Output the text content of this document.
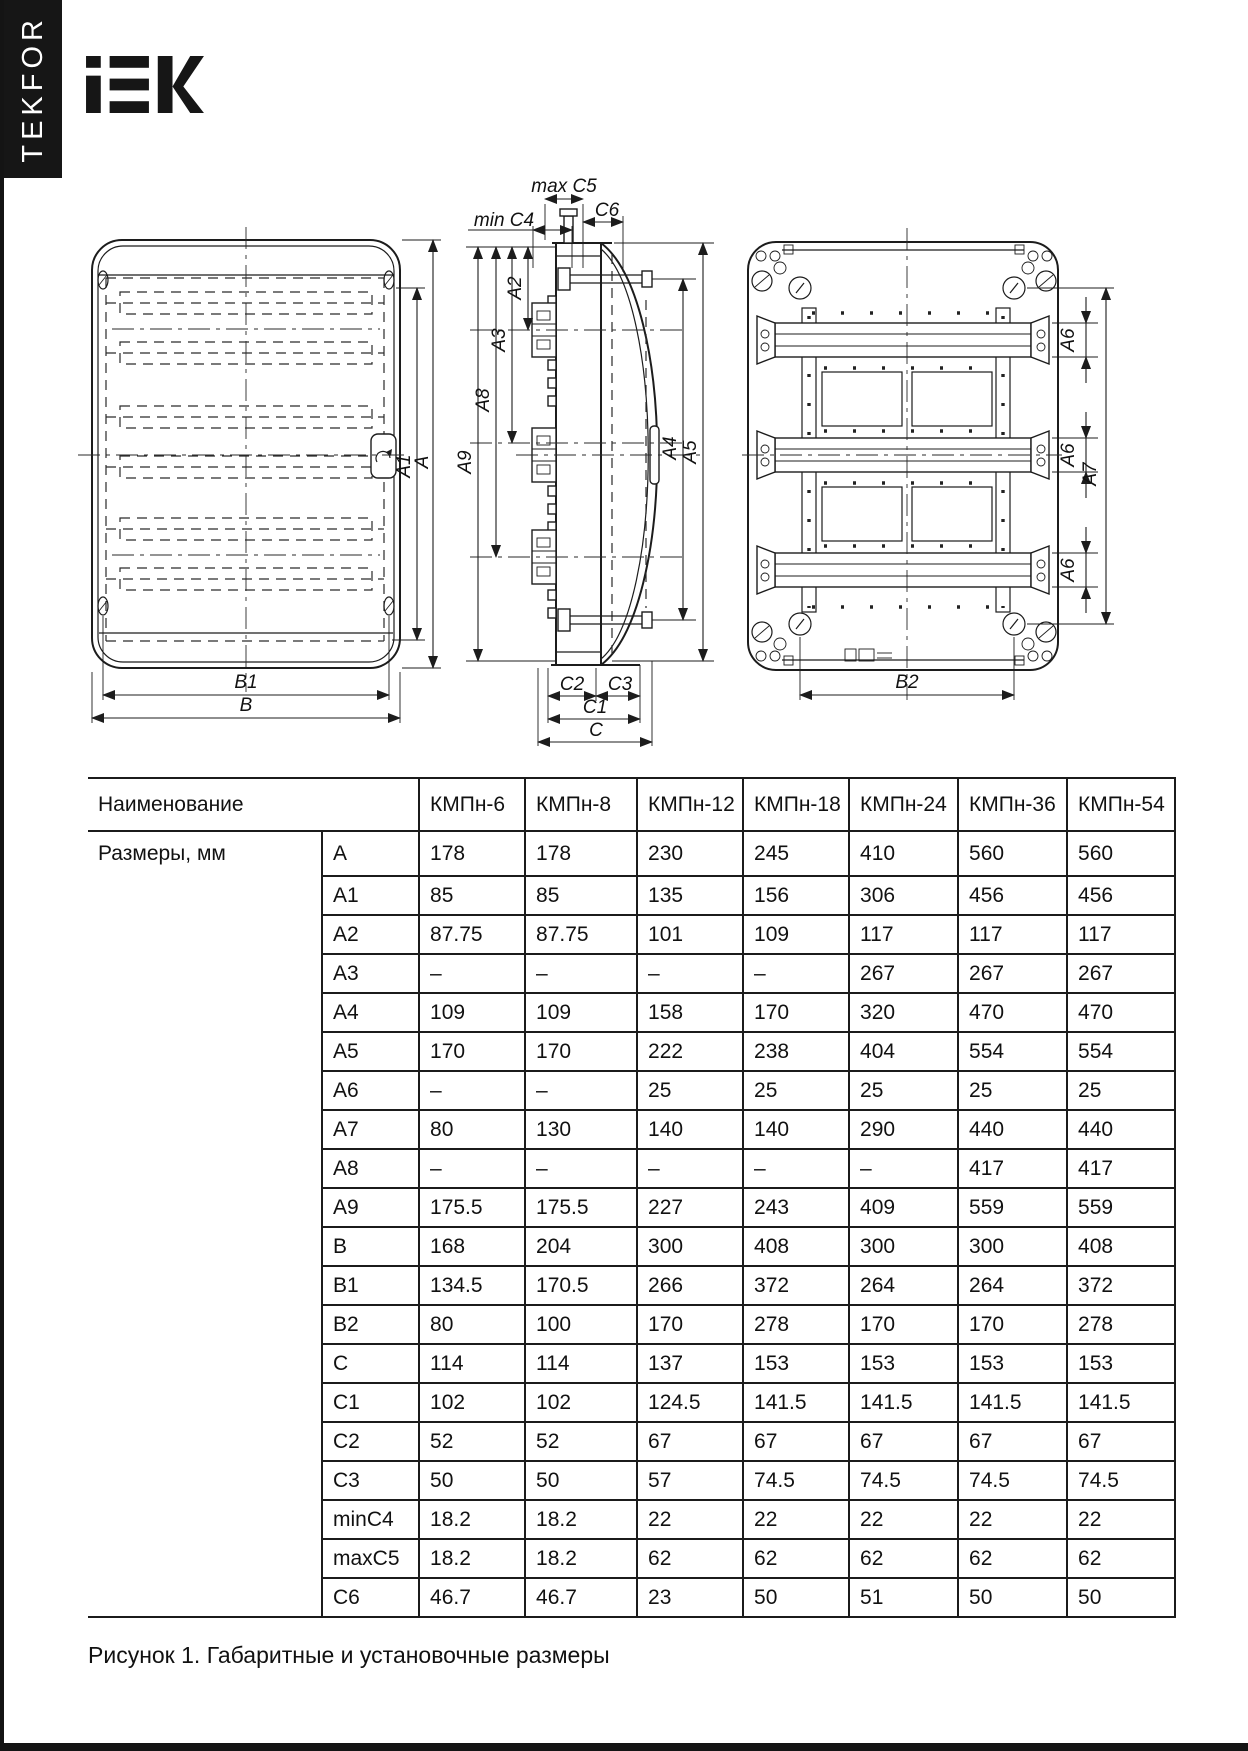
TEKFOR
A1
A
B1
B
max C5
C6
min C4
A2
A3
A8
A9
A4 A5
C2 C3
C1
C
B2
A6
A6
A6
A7
Наименование		КМПн-6	КМПн-8	КМПн-12	КМПн-18	КМПн-24	КМПн-36	КМПн-54
Размеры, мм	A	178	178	230	245	410	560	560
	A1	85	85	135	156	306	456	456
	A2	87.75	87.75	101	109	117	117	117
	A3	–	–	–	–	267	267	267
	A4	109	109	158	170	320	470	470
	A5	170	170	222	238	404	554	554
	A6	–	–	25	25	25	25	25
	A7	80	130	140	140	290	440	440
	A8	–	–	–	–	–	417	417
	A9	175.5	175.5	227	243	409	559	559
	B	168	204	300	408	300	300	408
	B1	134.5	170.5	266	372	264	264	372
	B2	80	100	170	278	170	170	278
	C	114	114	137	153	153	153	153
	C1	102	102	124.5	141.5	141.5	141.5	141.5
	C2	52	52	67	67	67	67	67
	C3	50	50	57	74.5	74.5	74.5	74.5
	minC4	18.2	18.2	22	22	22	22	22
	maxC5	18.2	18.2	62	62	62	62	62
	C6	46.7	46.7	23	50	51	50	50
Рисунок 1. Габаритные и установочные размеры
